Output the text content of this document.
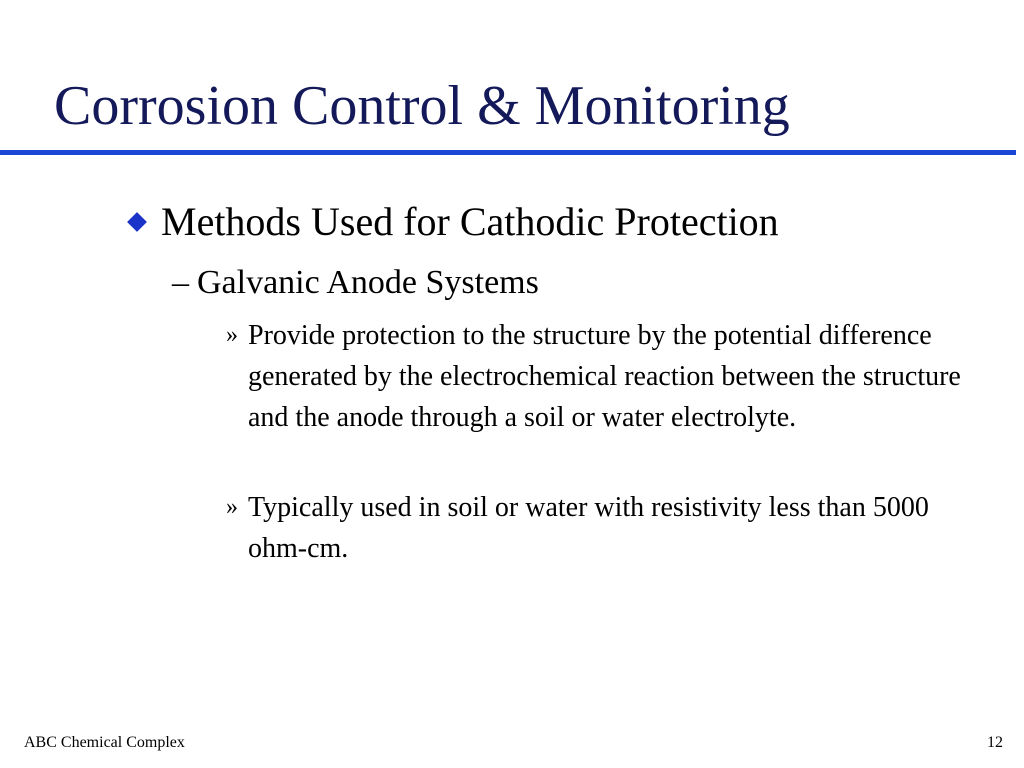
Corrosion Control & Monitoring
Methods Used for Cathodic Protection
– Galvanic Anode Systems
» Provide protection to the structure by the potential difference generated by the electrochemical reaction between the structure and the anode through a soil or water electrolyte.
» Typically used in soil or water with resistivity less than 5000 ohm-cm.
ABC Chemical Complex	12
